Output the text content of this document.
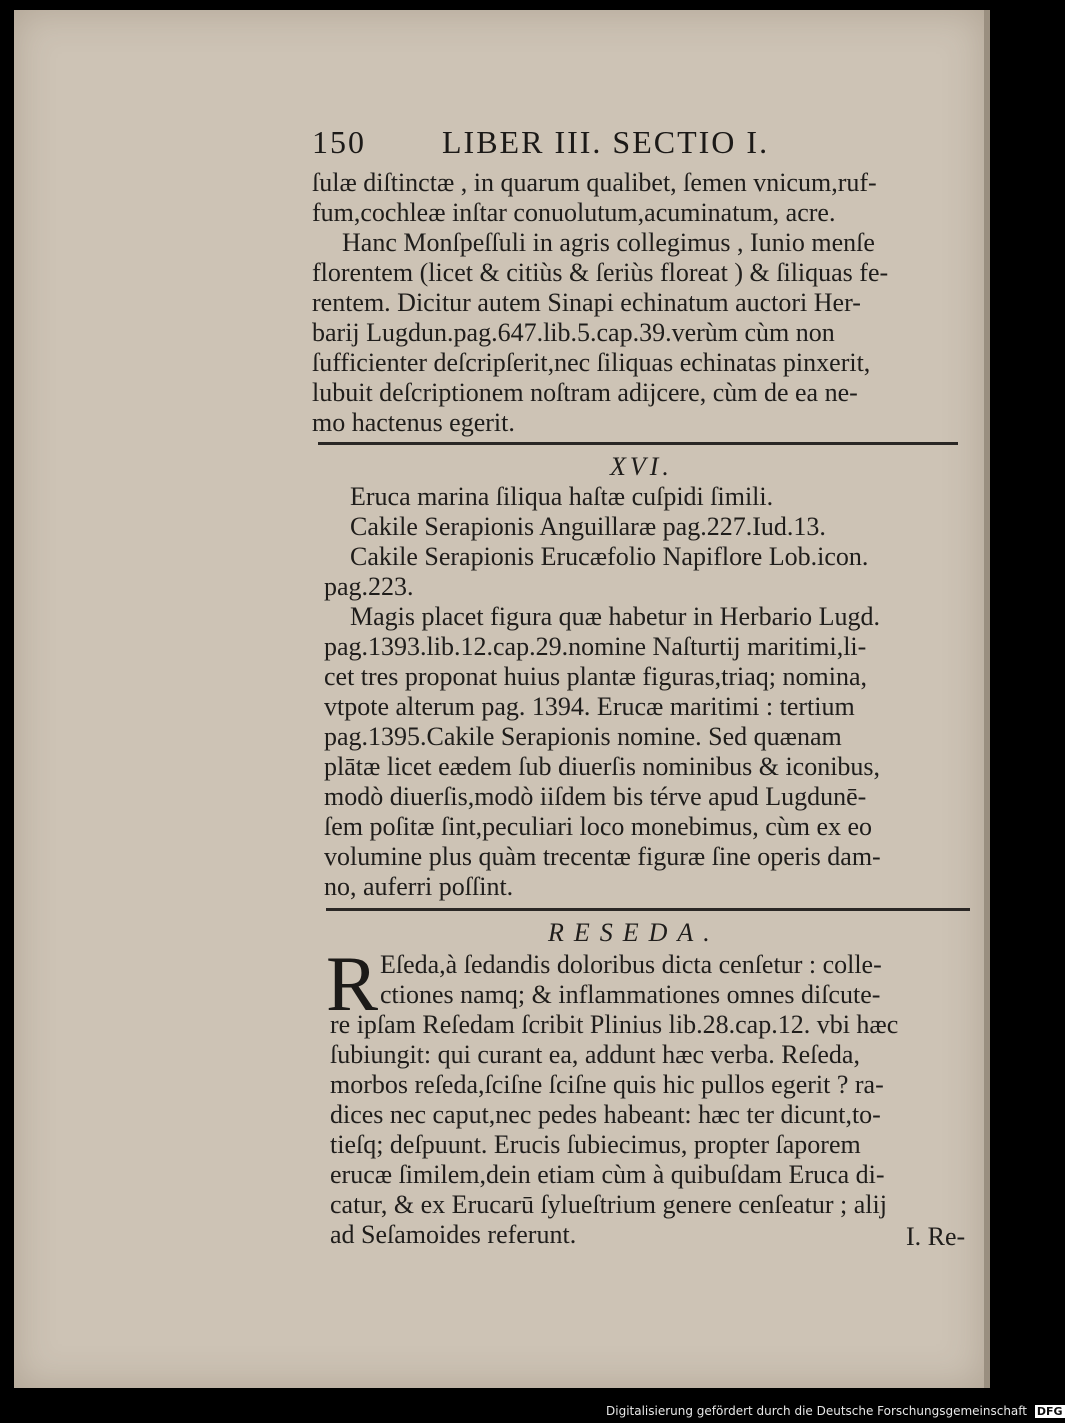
150 LIBER III. SECTIO I.
ſulæ diſtinctæ , in quarum qualibet, ſemen vnicum,ruf-
fum,cochleæ inſtar conuolutum,acuminatum, acre.
Hanc Monſpeſſuli in agris collegimus , Iunio menſe
florentem (licet & citiùs & ſeriùs floreat ) & ſiliquas fe-
rentem. Dicitur autem Sinapi echinatum auctori Her-
barij Lugdun.pag.647.lib.5.cap.39.verùm cùm non
ſufficienter deſcripſerit,nec ſiliquas echinatas pinxerit,
lubuit deſcriptionem noſtram adijcere, cùm de ea ne-
mo hactenus egerit.
XVI.
Eruca marina ſiliqua haſtæ cuſpidi ſimili.
Cakile Serapionis Anguillaræ pag.227.Iud.13.
Cakile Serapionis Erucæfolio Napiflore Lob.icon.
pag.223.
Magis placet figura quæ habetur in Herbario Lugd.
pag.1393.lib.12.cap.29.nomine Naſturtij maritimi,li-
cet tres proponat huius plantæ figuras,triaq; nomina,
vtpote alterum pag. 1394. Erucæ maritimi : tertium
pag.1395.Cakile Serapionis nomine. Sed quænam
plātæ licet eædem ſub diuerſis nominibus & iconibus,
modò diuerſis,modò iiſdem bis térve apud Lugdunē-
ſem poſitæ ſint,peculiari loco monebimus, cùm ex eo
volumine plus quàm trecentæ figuræ ſine operis dam-
no, auferri poſſint.
RESEDA.
R Eſeda,à ſedandis doloribus dicta cenſetur : colle-
ctiones namq; & inflammationes omnes diſcute-
re ipſam Reſedam ſcribit Plinius lib.28.cap.12. vbi hæc
ſubiungit: qui curant ea, addunt hæc verba. Reſeda,
morbos reſeda,ſciſne ſciſne quis hic pullos egerit ? ra-
dices nec caput,nec pedes habeant: hæc ter dicunt,to-
tieſq; deſpuunt. Erucis ſubiecimus, propter ſaporem
erucæ ſimilem,dein etiam cùm à quibuſdam Eruca di-
catur, & ex Erucarū ſylueſtrium genere cenſeatur ; alij
ad Seſamoides referunt.	I. Re-
Digitalisierung gefördert durch die Deutsche Forschungsgemeinschaft DFG
